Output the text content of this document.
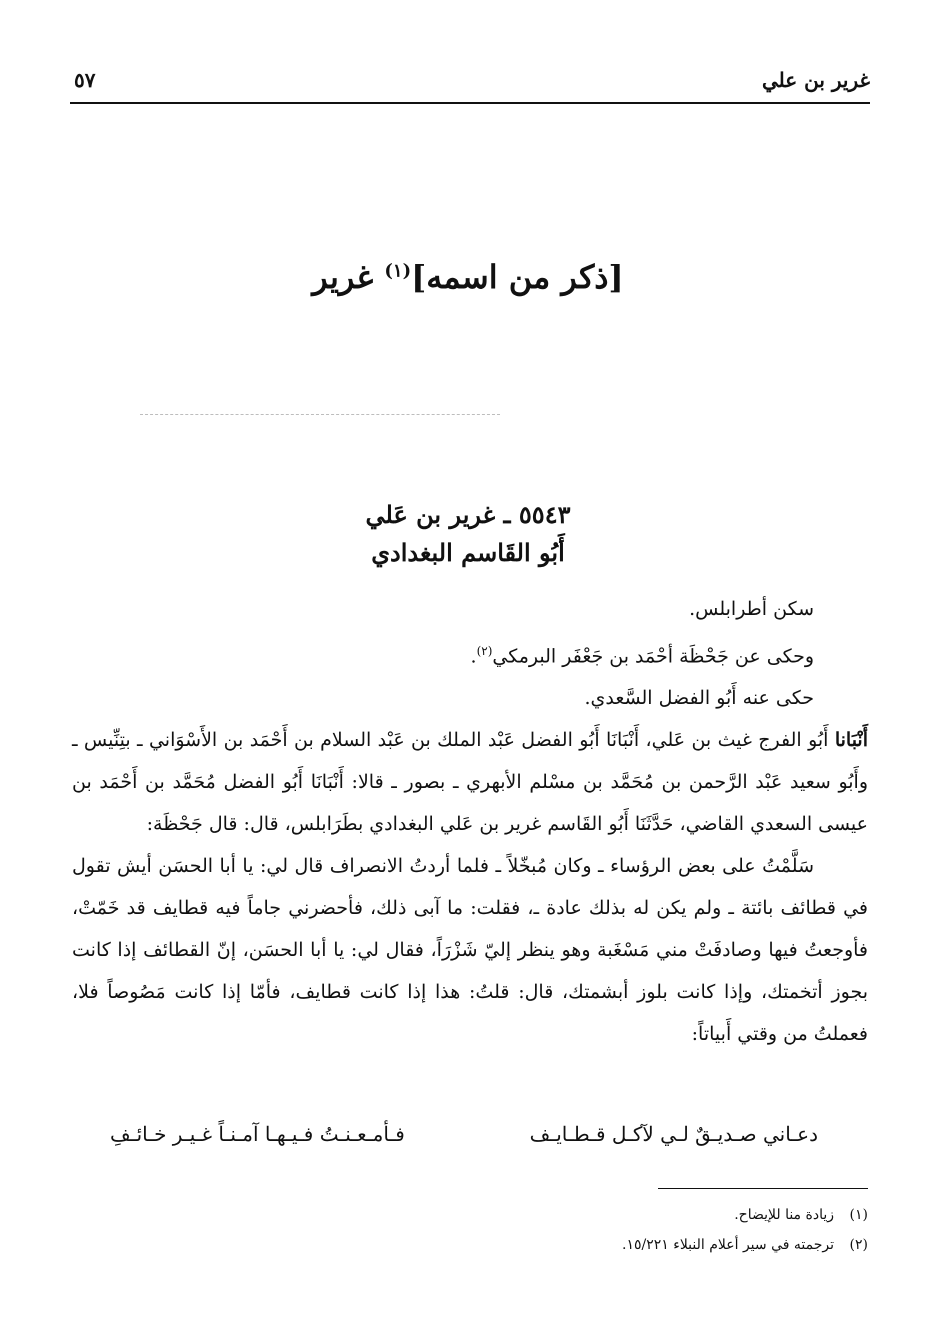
غرير بن علي
٥٧
[ذكر من اسمه]$^{(١)}$ غرير
٥٥٤٣ ـ غرير بن عَلي
أَبُو القَاسم البغدادي

سكن أطرابلس.

وحكى عن جَحْظَة أحْمَد بن جَعْفَر البرمكي$^{(٢)}$.

حكى عنه أَبُو الفضل السَّعدي.

أَنْبَانا أَبُو الفرج غيث بن عَلي، أَنْبَانَا أَبُو الفضل عَبْد الملك بن عَبْد السلام بن أَحْمَد بن الأَسْوَاني ـ بتِنِّيس ـ وأَبُو سعيد عَبْد الرَّحمن بن مُحَمَّد بن مسْلم الأبهري ـ بصور ـ قالا: أَنْبَانَا أَبُو الفضل مُحَمَّد بن أَحْمَد بن عيسى السعدي القاضي، حَدَّثَنَا أَبُو القَاسم غرير بن عَلي البغدادي بطَرَابلس، قال: قال جَحْظَة:

سَلَّمْتُ على بعض الرؤساء ـ وكان مُبخّلاً ـ فلما أردتُ الانصراف قال لي: يا أبا الحسَن أيش تقول في قطائف بائتة ـ ولم يكن له بذلك عادة ـ، فقلت: ما آبى ذلك، فأحضرني جاماً فيه قطايف قد خَمّتْ، فأوجعتُ فيها وصادفَتْ مني مَسْغَبة وهو ينظر إليّ شَزْرَاً، فقال لي: يا أبا الحسَن، إنّ القطائف إذا كانت بجوز أتخمتك، وإذا كانت بلوز أبشمتك، قال: قلتُ: هذا إذا كانت قطايف، فأمّا إذا كانت مَصُوصاً فلا، فعملتُ من وقتي أَبياتاً:

دعـاني صـديـقٌ لـي لآكـل قـطـايـف
فـأمـعـنـتُ فـيـهـا آمـنـاً غـيـر خـائـفِ
(١)
زيادة منا للإيضاح.
(٢)
ترجمته في سير أعلام النبلاء ١٥/٢٢١.
